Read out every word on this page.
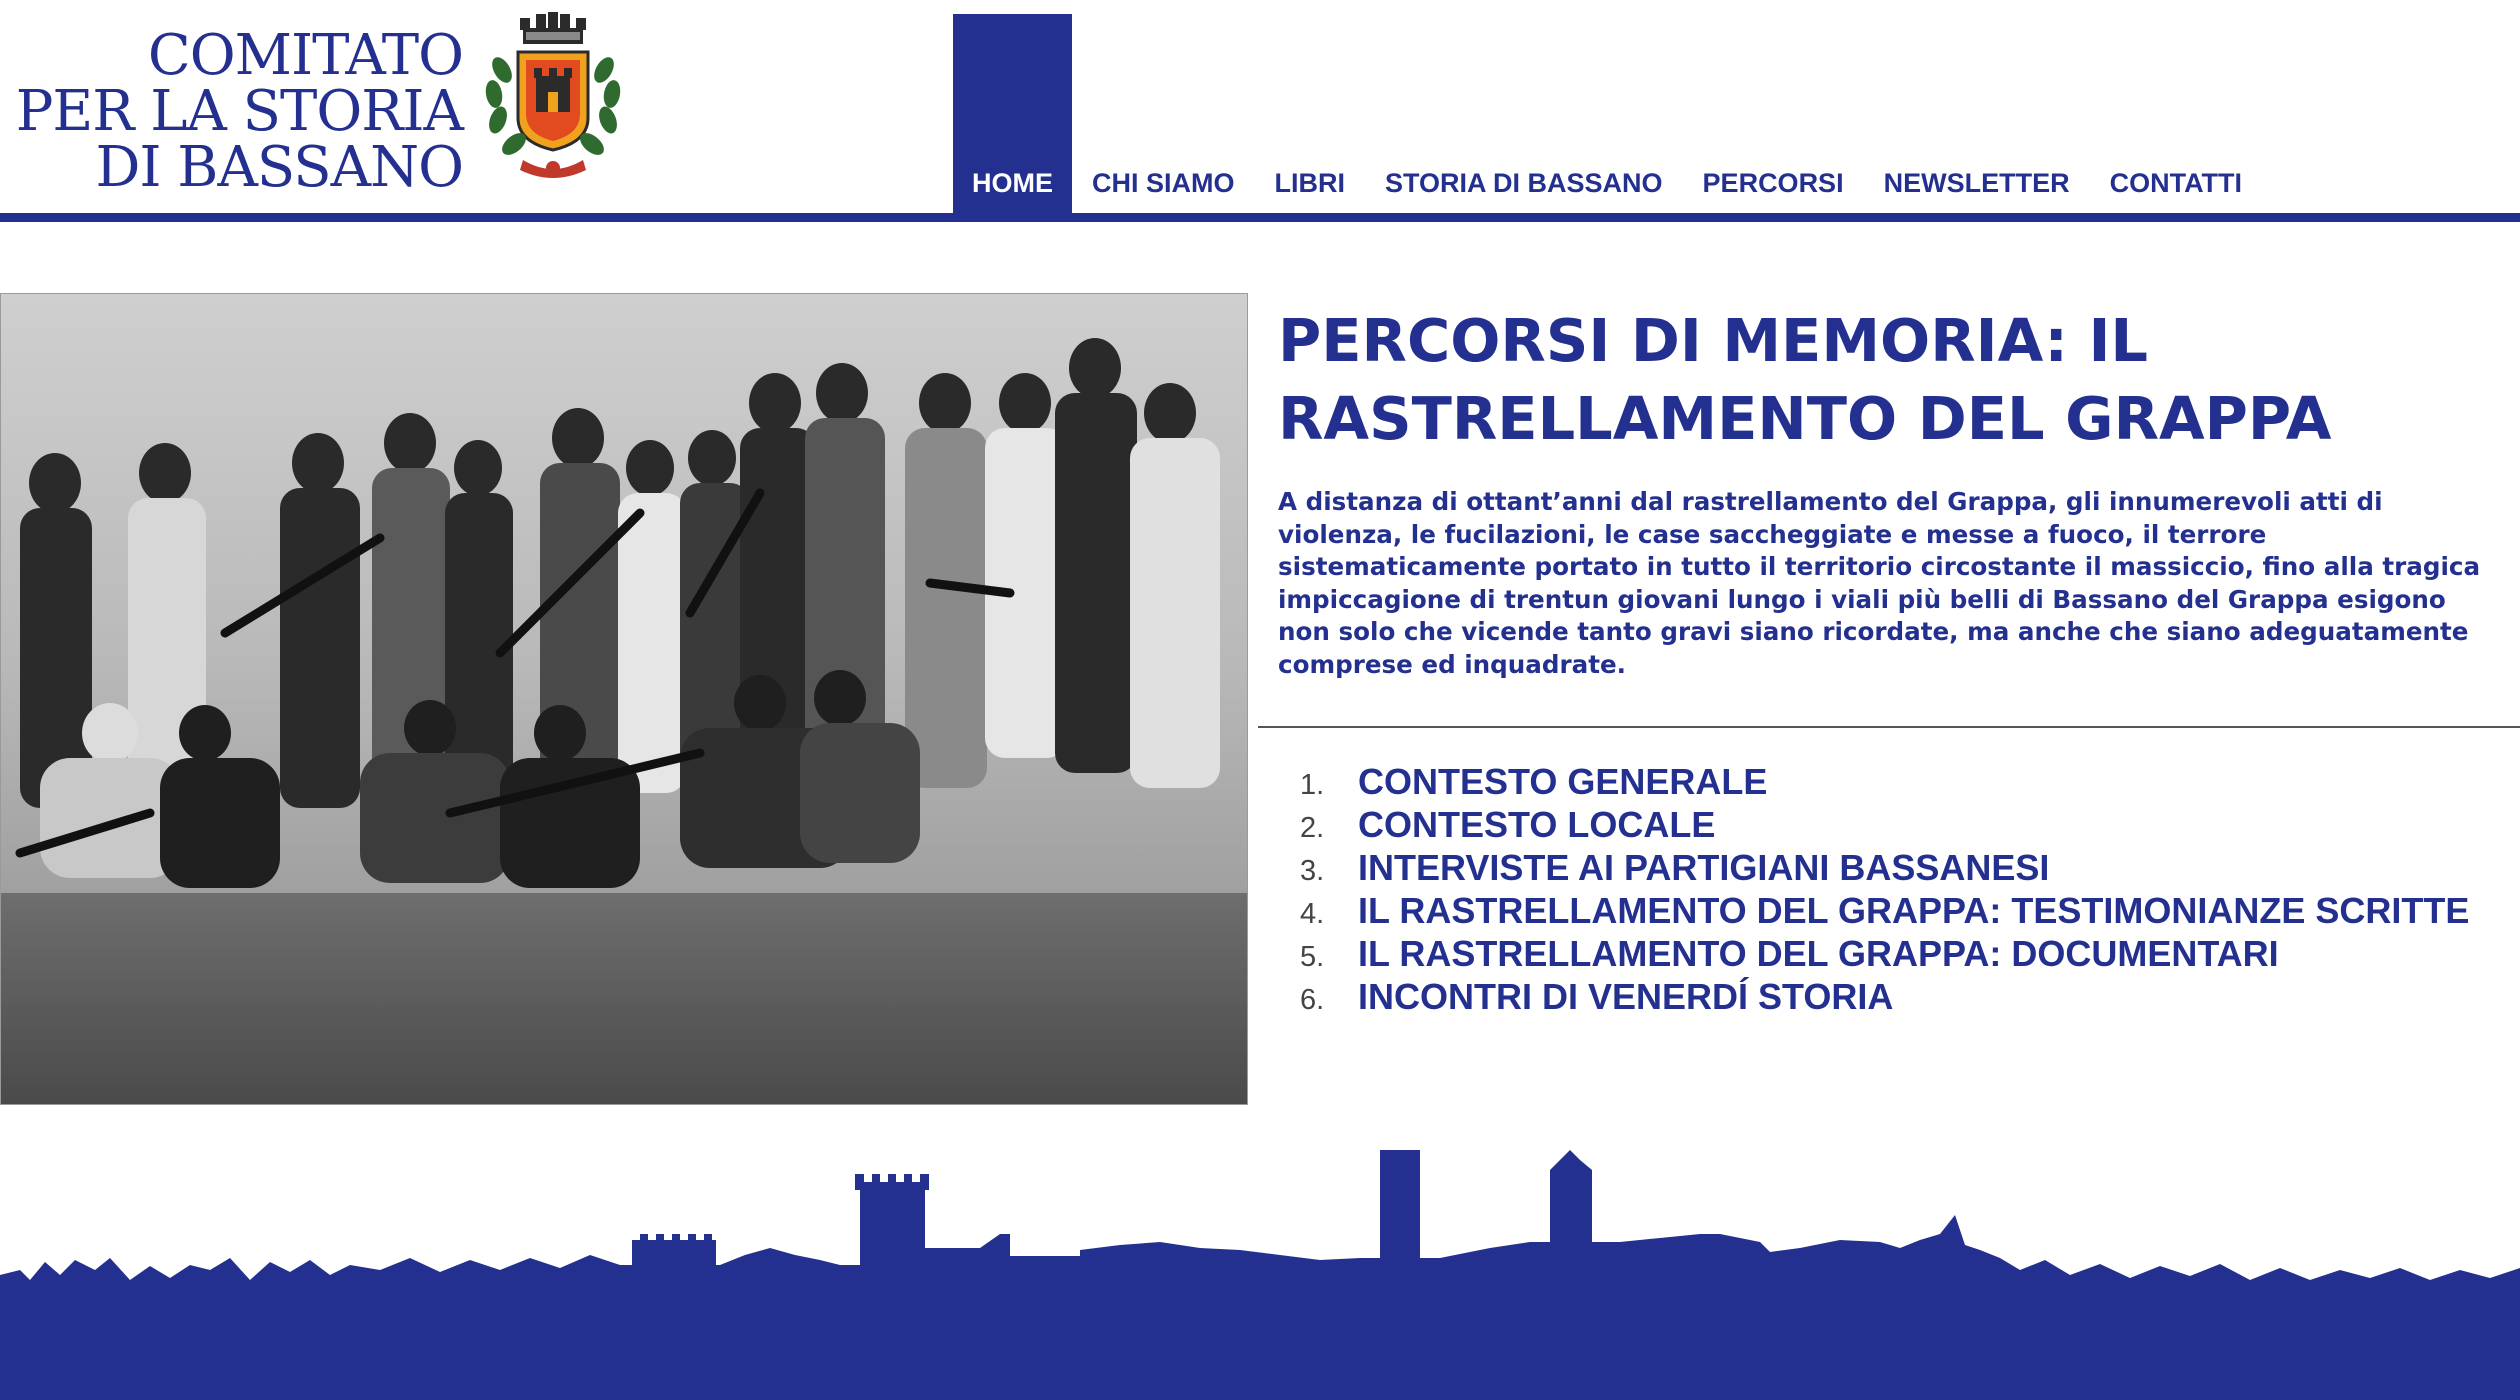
COMITATO
PER LA STORIA
DI BASSANO	HOME	CHI SIAMO	LIBRI	STORIA DI BASSANO	PERCORSI	NEWSLETTER	CONTATTI
PERCORSI DI MEMORIA: IL RASTRELLAMENTO DEL GRAPPA

A distanza di ottant’anni dal rastrellamento del Grappa, gli innumerevoli atti di violenza, le fucilazioni, le case saccheggiate e messe a fuoco, il terrore sistematicamente portato in tutto il territorio circostante il massiccio, fino alla tragica impiccagione di trentun giovani lungo i viali più belli di Bassano del Grappa esigono non solo che vicende tanto gravi siano ricordate, ma anche che siano adeguatamente comprese ed inquadrate.

1. CONTESTO GENERALE
2. CONTESTO LOCALE
3. INTERVISTE AI PARTIGIANI BASSANESI
4. IL RASTRELLAMENTO DEL GRAPPA: TESTIMONIANZE SCRITTE
5. IL RASTRELLAMENTO DEL GRAPPA: DOCUMENTARI
6. INCONTRI DI VENERDÍ STORIA
